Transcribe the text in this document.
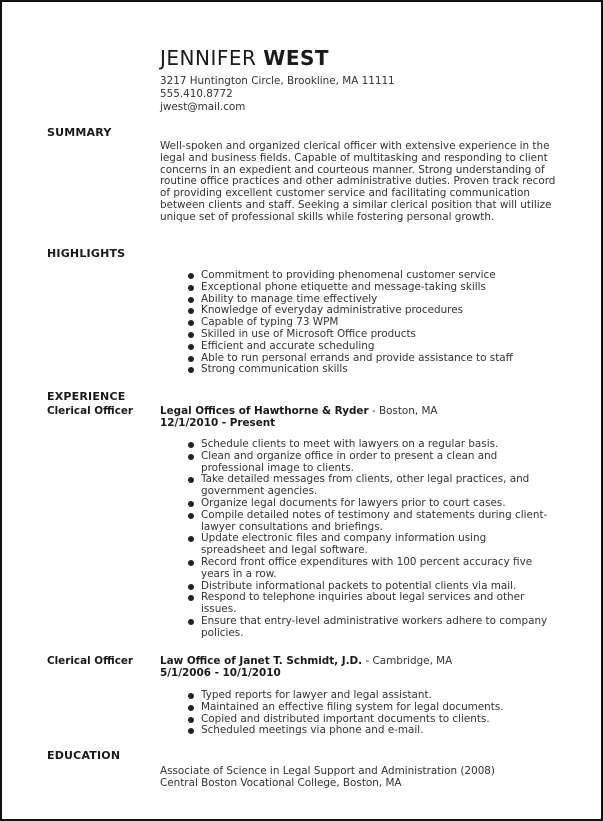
JENNIFER WEST
3217 Huntington Circle, Brookline, MA 11111
555.410.8772
jwest@mail.com
SUMMARY
Well-spoken and organized clerical officer with extensive experience in the legal and business fields. Capable of multitasking and responding to client concerns in an expedient and courteous manner. Strong understanding of routine office practices and other administrative duties. Proven track record of providing excellent customer service and facilitating communication between clients and staff. Seeking a similar clerical position that will utilize unique set of professional skills while fostering personal growth.
HIGHLIGHTS
Commitment to providing phenomenal customer service
Exceptional phone etiquette and message-taking skills
Ability to manage time effectively
Knowledge of everyday administrative procedures
Capable of typing 73 WPM
Skilled in use of Microsoft Office products
Efficient and accurate scheduling
Able to run personal errands and provide assistance to staff
Strong communication skills
EXPERIENCE
Clerical Officer	Legal Offices of Hawthorne & Ryder - Boston, MA
12/1/2010 - Present
Schedule clients to meet with lawyers on a regular basis.
Clean and organize office in order to present a clean and professional image to clients.
Take detailed messages from clients, other legal practices, and government agencies.
Organize legal documents for lawyers prior to court cases.
Compile detailed notes of testimony and statements during client-lawyer consultations and briefings.
Update electronic files and company information using spreadsheet and legal software.
Record front office expenditures with 100 percent accuracy five years in a row.
Distribute informational packets to potential clients via mail.
Respond to telephone inquiries about legal services and other issues.
Ensure that entry-level administrative workers adhere to company policies.
Clerical Officer	Law Office of Janet T. Schmidt, J.D. - Cambridge, MA
5/1/2006 - 10/1/2010
Typed reports for lawyer and legal assistant.
Maintained an effective filing system for legal documents.
Copied and distributed important documents to clients.
Scheduled meetings via phone and e-mail.
EDUCATION
Associate of Science in Legal Support and Administration (2008)
Central Boston Vocational College, Boston, MA
